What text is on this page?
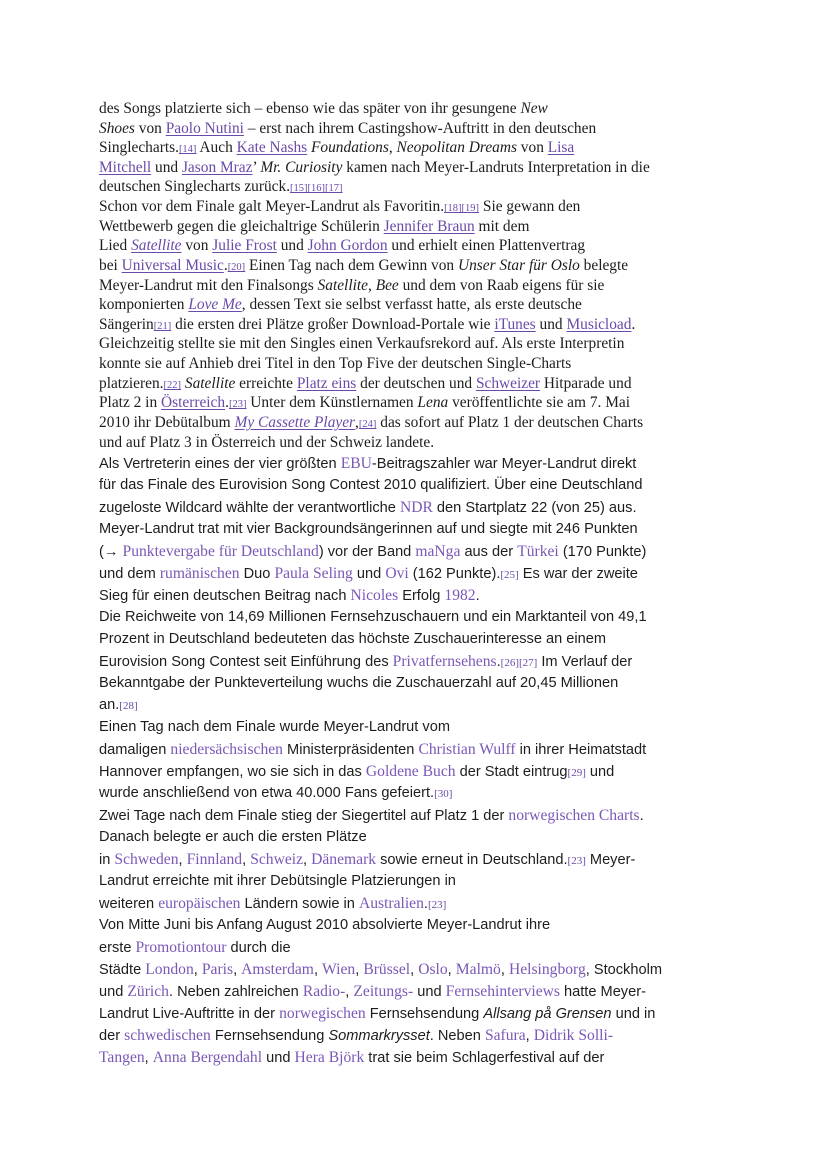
des Songs platzierte sich – ebenso wie das später von ihr gesungene New
Shoes von Paolo Nutini – erst nach ihrem Castingshow-Auftritt in den deutschen
Singlecharts.[14] Auch Kate Nashs Foundations, Neopolitan Dreams von Lisa
Mitchell und Jason Mraz’ Mr. Curiosity kamen nach Meyer-Landruts Interpretation in die
deutschen Singlecharts zurück.[15][16][17]
Schon vor dem Finale galt Meyer-Landrut als Favoritin.[18][19] Sie gewann den
Wettbewerb gegen die gleichaltrige Schülerin Jennifer Braun mit dem
Lied Satellite von Julie Frost und John Gordon und erhielt einen Plattenvertrag
bei Universal Music.[20] Einen Tag nach dem Gewinn von Unser Star für Oslo belegte
Meyer-Landrut mit den Finalsongs Satellite, Bee und dem von Raab eigens für sie
komponierten Love Me, dessen Text sie selbst verfasst hatte, als erste deutsche
Sängerin[21] die ersten drei Plätze großer Download-Portale wie iTunes und Musicload.
Gleichzeitig stellte sie mit den Singles einen Verkaufsrekord auf. Als erste Interpretin
konnte sie auf Anhieb drei Titel in den Top Five der deutschen Single-Charts
platzieren.[22] Satellite erreichte Platz eins der deutschen und Schweizer Hitparade und
Platz 2 in Österreich.[23] Unter dem Künstlernamen Lena veröffentlichte sie am 7. Mai
2010 ihr Debütalbum My Cassette Player,[24] das sofort auf Platz 1 der deutschen Charts
und auf Platz 3 in Österreich und der Schweiz landete.
Als Vertreterin eines der vier größten EBU-Beitragszahler war Meyer-Landrut direkt
für das Finale des Eurovision Song Contest 2010 qualifiziert. Über eine Deutschland
zugeloste Wildcard wählte der verantwortliche NDR den Startplatz 22 (von 25) aus.
Meyer-Landrut trat mit vier Backgroundsängerinnen auf und siegte mit 246 Punkten
(→ Punktevergabe für Deutschland) vor der Band maNga aus der Türkei (170 Punkte)
und dem rumänischen Duo Paula Seling und Ovi (162 Punkte).[25] Es war der zweite
Sieg für einen deutschen Beitrag nach Nicoles Erfolg 1982.
Die Reichweite von 14,69 Millionen Fernsehzuschauern und ein Marktanteil von 49,1
Prozent in Deutschland bedeuteten das höchste Zuschauerinteresse an einem
Eurovision Song Contest seit Einführung des Privatfernsehens.[26][27] Im Verlauf der
Bekanntgabe der Punkteverteilung wuchs die Zuschauerzahl auf 20,45 Millionen
an.[28]
Einen Tag nach dem Finale wurde Meyer-Landrut vom
damaligen niedersächsischen Ministerpräsidenten Christian Wulff in ihrer Heimatstadt
Hannover empfangen, wo sie sich in das Goldene Buch der Stadt eintrug[29] und
wurde anschließend von etwa 40.000 Fans gefeiert.[30]
Zwei Tage nach dem Finale stieg der Siegertitel auf Platz 1 der norwegischen Charts.
Danach belegte er auch die ersten Plätze
in Schweden, Finnland, Schweiz, Dänemark sowie erneut in Deutschland.[23] Meyer-
Landrut erreichte mit ihrer Debütsingle Platzierungen in
weiteren europäischen Ländern sowie in Australien.[23]
Von Mitte Juni bis Anfang August 2010 absolvierte Meyer-Landrut ihre
erste Promotiontour durch die
Städte London, Paris, Amsterdam, Wien, Brüssel, Oslo, Malmö, Helsingborg, Stockholm
und Zürich. Neben zahlreichen Radio-, Zeitungs- und Fernsehinterviews hatte Meyer-
Landrut Live-Auftritte in der norwegischen Fernsehsendung Allsang på Grensen und in
der schwedischen Fernsehsendung Sommarkrysset. Neben Safura, Didrik Solli-
Tangen, Anna Bergendahl und Hera Björk trat sie beim Schlagerfestival auf der
